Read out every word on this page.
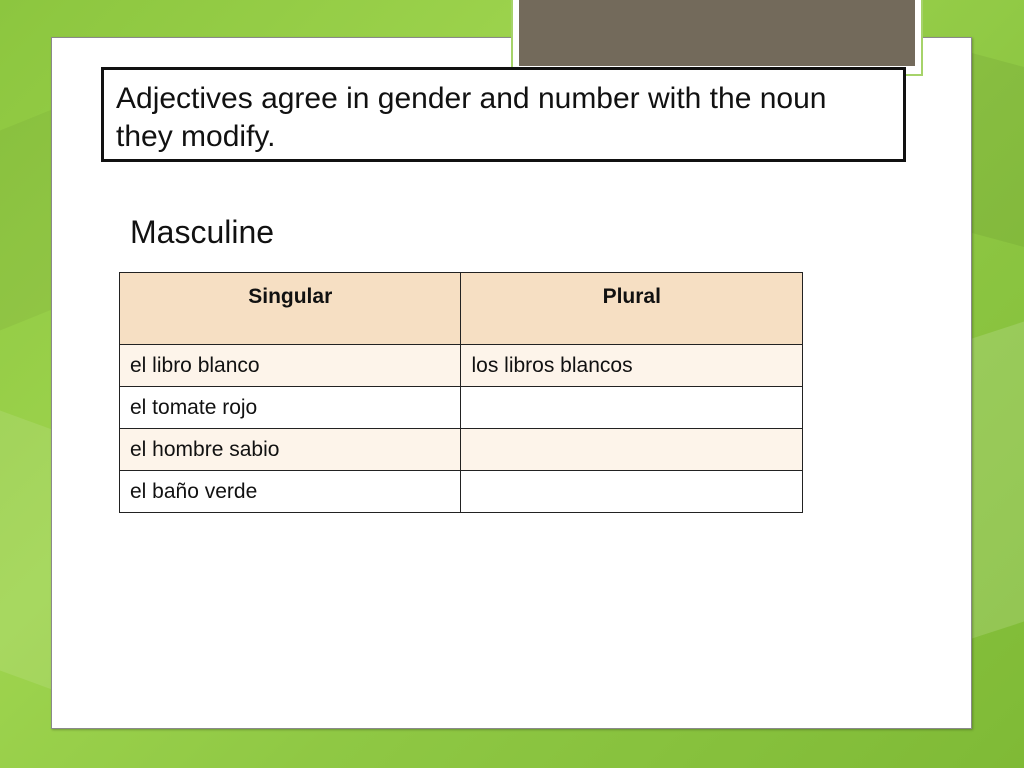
Adjectives agree in gender and number with the noun they modify.
Masculine
Singular	Plural
el libro blanco	los libros blancos
el tomate rojo	
el hombre sabio	
el baño verde	
